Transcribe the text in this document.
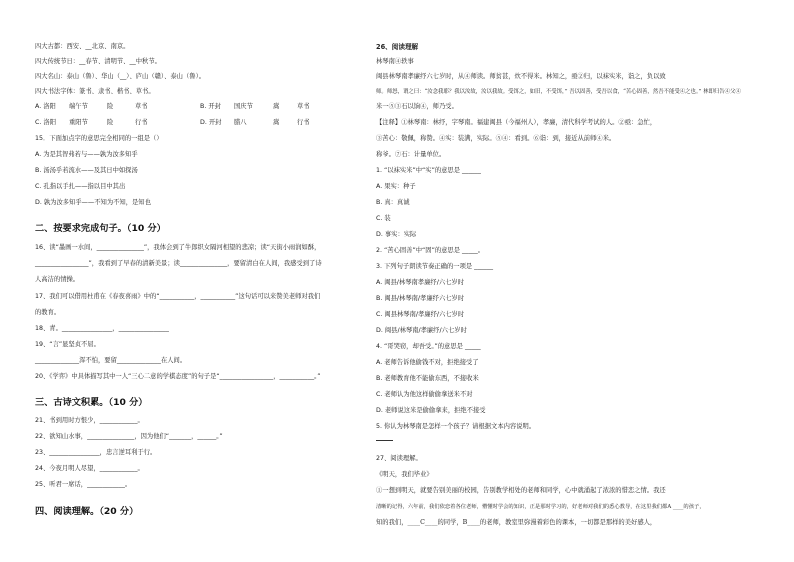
四大古都：西安、__北京、南京。
四大传统节日：__春节、清明节、__中秋节。
四大名山：泰山（鲁）、华山（__）、庐山（赣）、泰山（鲁）。
四大书法字体：篆书、隶书、楷书、草书。
A. 洛阳 端午节	险	草书	B. 开封 国庆节	嵩	草书
C. 洛阳 重阳节	险	行书	D. 开封 腊八	嵩	行书
15．下面加点字的意思完全相同的一组是（）
A. 为是其智弗若与——孰为汝多知乎
B. 汤汤乎若流水——及其日中如探汤
C. 孔指以手扎——指以目中其出
D. 孰为汝多知乎——不知为不知，是知也
二、按要求完成句子。（10 分）
16、读“墨画一水间，_______________”，我体会到了牛郎织女隔河相望的悲凉；读“天街小雨润如酥，
_________________”，我看到了早春的清新美景；读_______________，要留清白在人间，我感受到了诗
人高洁的情操。
17、我们可以借用杜甫在《春夜喜雨》中的“___________，___________”这句话可以来赞美老师对我们
的教育。
18、青。________________，________________
19、“言”显坚贞不屈。
______________浑不怕，要留______________在人间。
20、《学弈》中具体描写其中一人“三心二意的学棋态度”的句子是“_________________，___________。”
三、古诗文积累。（10 分）
21、书到用时方恨少，____________。
22、欲知山水事，_______________，因为他们“_______，______。”
23、________________，忠言逆耳利于行。
24、今夜月明人尽望，____________。
25、听君一席话，____________。
四、阅读理解。（20 分）
26、阅读理解
林琴南④轶事
闽县林琴南孝廉纾六七岁时，从④师读。师贫甚，炊不得米。林知之，亟②归，以袜实米，诣之，负以致
师。师怒，谓之曰：“汝念我耶？我以汝故，汝以我故。受饵之，如旧，不受饵，” 吾以固善，受吾以食，“苦心固善，然吾不能受④之也。” 林即归告④父④
米一⑤③石以饷④，师乃受。
【注释】①林琴南：林纾，字琴南。福建闽县（今福州人），孝廉，清代科学考试的人。②亟：急忙，
③苦心：敬佩，称赞。④实：装满，实际。⑤④：看到。⑥诣：到，接近从前师④米。
称爷。⑦石：计量单位。
1. “以袜实米”中“实”的意思是 ______
A. 果实：种子
B. 真：真诚
C. 装
D. 事实：实际
2. “苦心固善”中“固”的意思是 _____。
3. 下列句子朗读节奏正确的一项是 ______
A. 闽县/林琴南孝廉纾/六七岁时
B. 闽县/林琴南/孝廉纾六七岁时
C. 闽县林琴南/孝廉纾/六七岁时
D. 闽县/林琴南/孝廉纾/六七岁时
4. “哥哭窃，却吾受。”的意思是 _____
A. 老师告诉他偷钱不对，拒绝接受了
B. 老师教育他不能偷东西，不接收米
C. 老师认为他这样偷偷拿送米不对
D. 老师说这米是偷偷拿来，拒绝不接受
5. 你认为林琴南是怎样一个孩子？请根据文本内容说明。
27、阅读理解。
《明天，我们毕业》
①一想到明天，就要告别美丽的校园，告别教学相处的老师和同学，心中就涌起了浓浓的惜恋之情。我还
清晰的记得，六年前，我们依恋着各位老师，懵懂时学会的知识，正是那时学习的，好老师对我们的悉心教导，在这里我们都A ____的孩子，
知的我们，____C____的同学，B____的老师，教室里弥漫着彩色的课本，一切都是那样的美好感人，
